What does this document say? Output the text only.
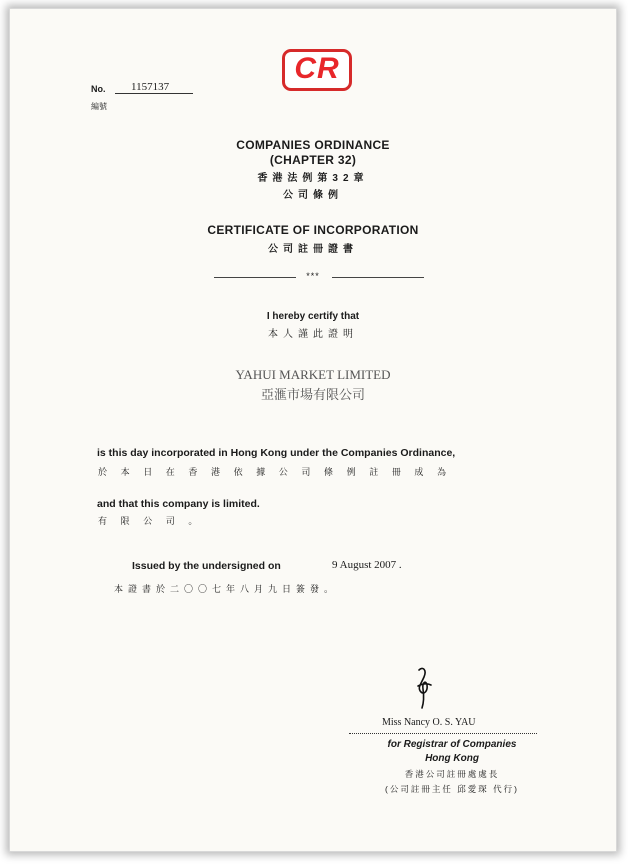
CR
No.	1157137
編號
COMPANIES ORDINANCE
(CHAPTER 32)
香港法例第32章
公司條例
CERTIFICATE OF INCORPORATION
公司註冊證書
***
I hereby certify that
本人謹此證明
YAHUI MARKET LIMITED
亞滙市場有限公司
is this day incorporated in Hong Kong under the Companies Ordinance,
於本日在香港依據公司條例註冊成為
and that this company is limited.
有限公司。
Issued by the undersigned on	9 August 2007 .
本證書於二〇〇七年八月九日簽發。
Miss Nancy O. S. YAU
for Registrar of Companies
Hong Kong
香港公司註冊處處長
(公司註冊主任 邱愛琛 代行)
